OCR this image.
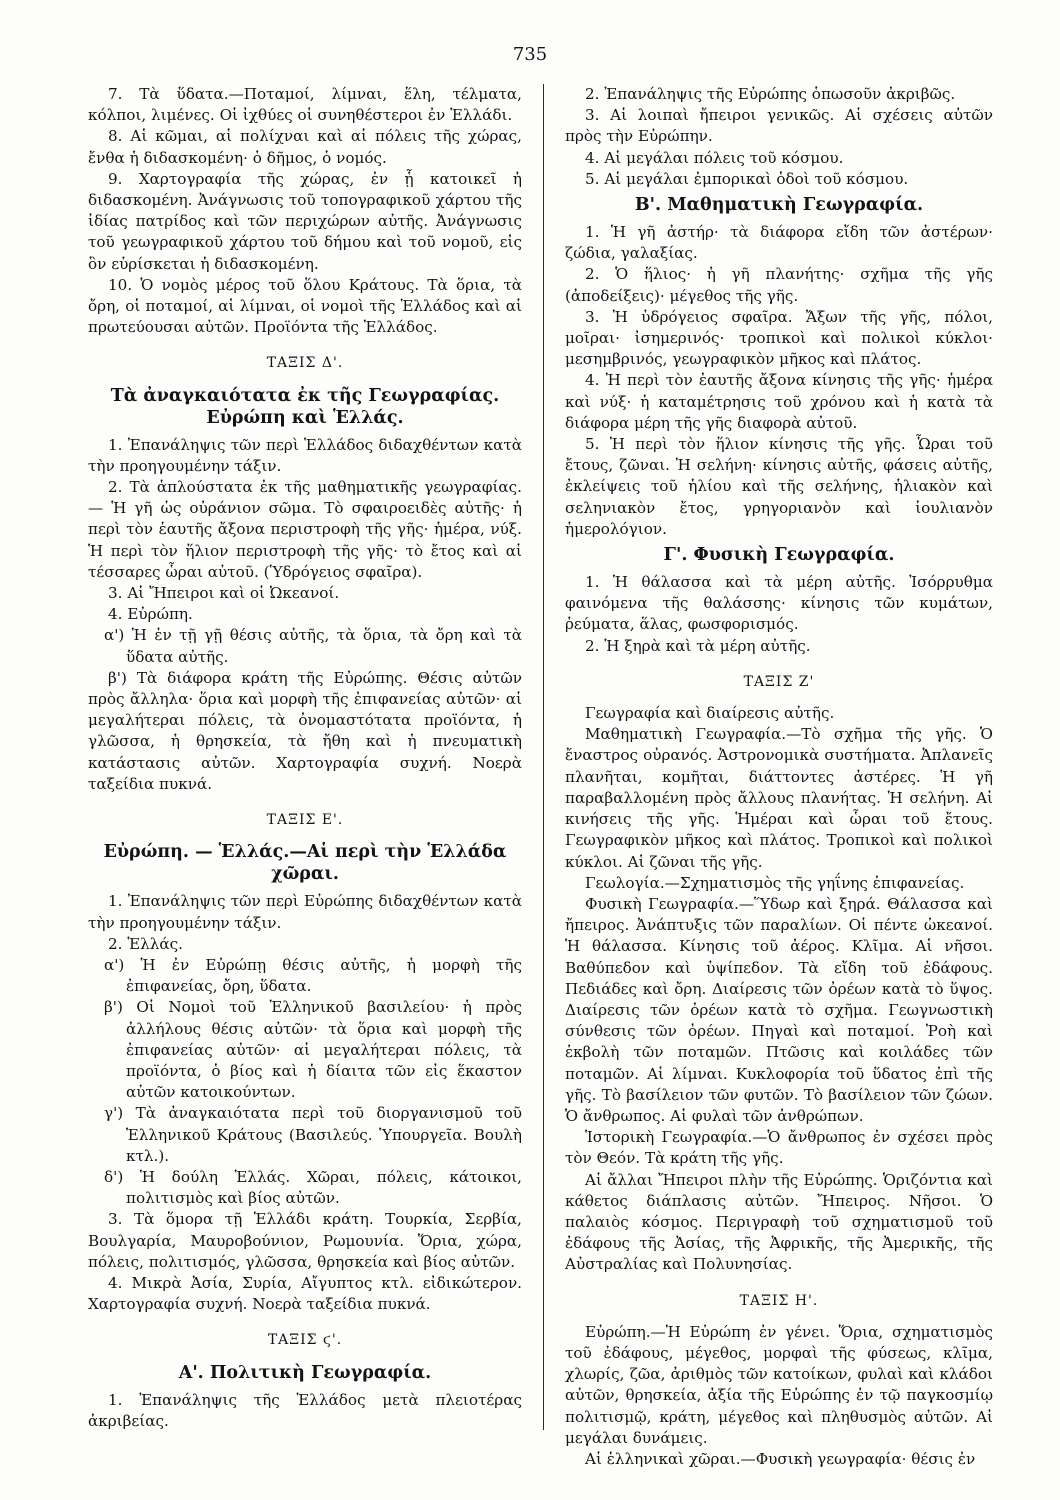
735

7. Τὰ ὕδατα.—Ποταμοί, λίμναι, ἕλη, τέλματα, κόλποι, λιμένες. Οἱ ἰχθύες οἱ συνηθέστεροι ἐν Ἑλλάδι.

8. Αἱ κῶμαι, αἱ πολίχναι καὶ αἱ πόλεις τῆς χώρας, ἔνθα ἡ διδασκομένη· ὁ δῆμος, ὁ νομός.

9. Χαρτογραφία τῆς χώρας, ἐν ᾗ κατοικεῖ ἡ διδασκομένη. Ἀνάγνωσις τοῦ τοπογραφικοῦ χάρτου τῆς ἰδίας πατρίδος καὶ τῶν περιχώρων αὐτῆς. Ἀνάγνωσις τοῦ γεωγραφικοῦ χάρτου τοῦ δήμου καὶ τοῦ νομοῦ, εἰς ὃν εὑρίσκεται ἡ διδασκομένη.

10. Ὁ νομὸς μέρος τοῦ ὅλου Κράτους. Τὰ ὅρια, τὰ ὄρη, οἱ ποταμοί, αἱ λίμναι, οἱ νομοὶ τῆς Ἑλλάδος καὶ αἱ πρωτεύουσαι αὐτῶν. Προϊόντα τῆς Ἑλλάδος.

ΤΑΞΙΣ Δ'.

Τὰ ἀναγκαιότατα ἐκ τῆς Γεωγραφίας. Εὐρώπη καὶ Ἑλλάς.

1. Ἐπανάληψις τῶν περὶ Ἑλλάδος διδαχθέντων κατὰ τὴν προηγουμένην τάξιν.

2. Τὰ ἁπλούστατα ἐκ τῆς μαθηματικῆς γεωγραφίας.— Ἡ γῆ ὡς οὐράνιον σῶμα. Τὸ σφαιροειδὲς αὐτῆς· ἡ περὶ τὸν ἑαυτῆς ἄξονα περιστροφὴ τῆς γῆς· ἡμέρα, νύξ. Ἡ περὶ τὸν ἥλιον περιστροφὴ τῆς γῆς· τὸ ἔτος καὶ αἱ τέσσαρες ὧραι αὐτοῦ. (Ὑδρόγειος σφαῖρα).

3. Αἱ Ἤπειροι καὶ οἱ Ὠκεανοί.

4. Εὐρώπη.

α') Ἡ ἐν τῇ γῇ θέσις αὐτῆς, τὰ ὅρια, τὰ ὄρη καὶ τὰ ὕδατα αὐτῆς.

β') Τὰ διάφορα κράτη τῆς Εὐρώπης. Θέσις αὐτῶν πρὸς ἄλληλα· ὅρια καὶ μορφὴ τῆς ἐπιφανείας αὐτῶν· αἱ μεγαλήτεραι πόλεις, τὰ ὀνομαστότατα προϊόντα, ἡ γλῶσσα, ἡ θρησκεία, τὰ ἤθη καὶ ἡ πνευματικὴ κατάστασις αὐτῶν. Χαρτογραφία συχνή. Νοερὰ ταξείδια πυκνά.

ΤΑΞΙΣ Ε'.

Εὐρώπη. — Ἑλλάς.—Αἱ περὶ τὴν Ἑλλάδα χῶραι.

1. Ἐπανάληψις τῶν περὶ Εὐρώπης διδαχθέντων κατὰ τὴν προηγουμένην τάξιν.

2. Ἑλλάς.

α') Ἡ ἐν Εὐρώπῃ θέσις αὐτῆς, ἡ μορφὴ τῆς ἐπιφανείας, ὄρη, ὕδατα.

β') Οἱ Νομοὶ τοῦ Ἑλληνικοῦ βασιλείου· ἡ πρὸς ἀλλήλους θέσις αὐτῶν· τὰ ὅρια καὶ μορφὴ τῆς ἐπιφανείας αὐτῶν· αἱ μεγαλήτεραι πόλεις, τὰ προϊόντα, ὁ βίος καὶ ἡ δίαιτα τῶν εἰς ἕκαστον αὐτῶν κατοικούντων.

γ') Τὰ ἀναγκαιότατα περὶ τοῦ διοργανισμοῦ τοῦ Ἑλληνικοῦ Κράτους (Βασιλεύς. Ὑπουργεῖα. Βουλὴ κτλ.).

δ') Ἡ δούλη Ἑλλάς. Χῶραι, πόλεις, κάτοικοι, πολιτισμὸς καὶ βίος αὐτῶν.

3. Τὰ ὅμορα τῇ Ἑλλάδι κράτη. Τουρκία, Σερβία, Βουλγαρία, Μαυροβούνιον, Ρωμουνία. Ὅρια, χώρα, πόλεις, πολιτισμός, γλῶσσα, θρησκεία καὶ βίος αὐτῶν.

4. Μικρὰ Ἀσία, Συρία, Αἴγυπτος κτλ. εἰδικώτερον. Χαρτογραφία συχνή. Νοερὰ ταξείδια πυκνά.

ΤΑΞΙΣ ϛ'.

Α'. Πολιτικὴ Γεωγραφία.

1. Ἐπανάληψις τῆς Ἑλλάδος μετὰ πλειοτέρας ἀκριβείας.

2. Ἐπανάληψις τῆς Εὐρώπης ὁπωσοῦν ἀκριβῶς.

3. Αἱ λοιπαὶ ἤπειροι γενικῶς. Αἱ σχέσεις αὐτῶν πρὸς τὴν Εὐρώπην.

4. Αἱ μεγάλαι πόλεις τοῦ κόσμου.

5. Αἱ μεγάλαι ἐμπορικαὶ ὁδοὶ τοῦ κόσμου.

Β'. Μαθηματικὴ Γεωγραφία.

1. Ἡ γῆ ἀστήρ· τὰ διάφορα εἴδη τῶν ἀστέρων· ζώδια, γαλαξίας.

2. Ὁ ἥλιος· ἡ γῆ πλανήτης· σχῆμα τῆς γῆς (ἀποδείξεις)· μέγεθος τῆς γῆς.

3. Ἡ ὑδρόγειος σφαῖρα. Ἄξων τῆς γῆς, πόλοι, μοῖραι· ἰσημερινός· τροπικοὶ καὶ πολικοὶ κύκλοι· μεσημβρινός, γεωγραφικὸν μῆκος καὶ πλάτος.

4. Ἡ περὶ τὸν ἑαυτῆς ἄξονα κίνησις τῆς γῆς· ἡμέρα καὶ νύξ· ἡ καταμέτρησις τοῦ χρόνου καὶ ἡ κατὰ τὰ διάφορα μέρη τῆς γῆς διαφορὰ αὐτοῦ.

5. Ἡ περὶ τὸν ἥλιον κίνησις τῆς γῆς. Ὧραι τοῦ ἔτους, ζῶναι. Ἡ σελήνη· κίνησις αὐτῆς, φάσεις αὐτῆς, ἐκλείψεις τοῦ ἡλίου καὶ τῆς σελήνης, ἡλιακὸν καὶ σεληνιακὸν ἔτος, γρηγοριανὸν καὶ ἰουλιανὸν ἡμερολόγιον.

Γ'. Φυσικὴ Γεωγραφία.

1. Ἡ θάλασσα καὶ τὰ μέρη αὐτῆς. Ἰσόρρυθμα φαινόμενα τῆς θαλάσσης· κίνησις τῶν κυμάτων, ῥεύματα, ἅλας, φωσφορισμός.

2. Ἡ ξηρὰ καὶ τὰ μέρη αὐτῆς.

ΤΑΞΙΣ Ζ'

Γεωγραφία καὶ διαίρεσις αὐτῆς.

Μαθηματικὴ Γεωγραφία.—Τὸ σχῆμα τῆς γῆς. Ὁ ἔναστρος οὐρανός. Ἀστρονομικὰ συστήματα. Ἀπλανεῖς πλανῆται, κομῆται, διάττοντες ἀστέρες. Ἡ γῆ παραβαλλομένη πρὸς ἄλλους πλανήτας. Ἡ σελήνη. Αἱ κινήσεις τῆς γῆς. Ἡμέραι καὶ ὧραι τοῦ ἔτους. Γεωγραφικὸν μῆκος καὶ πλάτος. Τροπικοὶ καὶ πολικοὶ κύκλοι. Αἱ ζῶναι τῆς γῆς.

Γεωλογία.—Σχηματισμὸς τῆς γηΐνης ἐπιφανείας.

Φυσικὴ Γεωγραφία.—Ὕδωρ καὶ ξηρά. Θάλασσα καὶ ἤπειρος. Ἀνάπτυξις τῶν παραλίων. Οἱ πέντε ὠκεανοί. Ἡ θάλασσα. Κίνησις τοῦ ἀέρος. Κλῖμα. Αἱ νῆσοι. Βαθύπεδον καὶ ὑψίπεδον. Τὰ εἴδη τοῦ ἐδάφους. Πεδιάδες καὶ ὄρη. Διαίρεσις τῶν ὀρέων κατὰ τὸ ὕψος. Διαίρεσις τῶν ὀρέων κατὰ τὸ σχῆμα. Γεωγνωστικὴ σύνθεσις τῶν ὀρέων. Πηγαὶ καὶ ποταμοί. Ῥοὴ καὶ ἐκβολὴ τῶν ποταμῶν. Πτῶσις καὶ κοιλάδες τῶν ποταμῶν. Αἱ λίμναι. Κυκλοφορία τοῦ ὕδατος ἐπὶ τῆς γῆς. Τὸ βασίλειον τῶν φυτῶν. Τὸ βασίλειον τῶν ζώων. Ὁ ἄνθρωπος. Αἱ φυλαὶ τῶν ἀνθρώπων.

Ἱστορικὴ Γεωγραφία.—Ὁ ἄνθρωπος ἐν σχέσει πρὸς τὸν Θεόν. Τὰ κράτη τῆς γῆς.

Αἱ ἄλλαι Ἤπειροι πλὴν τῆς Εὐρώπης. Ὁριζόντια καὶ κάθετος διάπλασις αὐτῶν. Ἤπειρος. Νῆσοι. Ὁ παλαιὸς κόσμος. Περιγραφὴ τοῦ σχηματισμοῦ τοῦ ἐδάφους τῆς Ἀσίας, τῆς Ἀφρικῆς, τῆς Ἀμερικῆς, τῆς Αὐστραλίας καὶ Πολυνησίας.

ΤΑΞΙΣ Η'.

Εὐρώπη.—Ἡ Εὐρώπη ἐν γένει. Ὅρια, σχηματισμὸς τοῦ ἐδάφους, μέγεθος, μορφαὶ τῆς φύσεως, κλῖμα, χλωρίς, ζῶα, ἀριθμὸς τῶν κατοίκων, φυλαὶ καὶ κλάδοι αὐτῶν, θρησκεία, ἀξία τῆς Εὐρώπης ἐν τῷ παγκοσμίῳ πολιτισμῷ, κράτη, μέγεθος καὶ πληθυσμὸς αὐτῶν. Αἱ μεγάλαι δυνάμεις.

Αἱ ἑλληνικαὶ χῶραι.—Φυσικὴ γεωγραφία· θέσις ἐν
